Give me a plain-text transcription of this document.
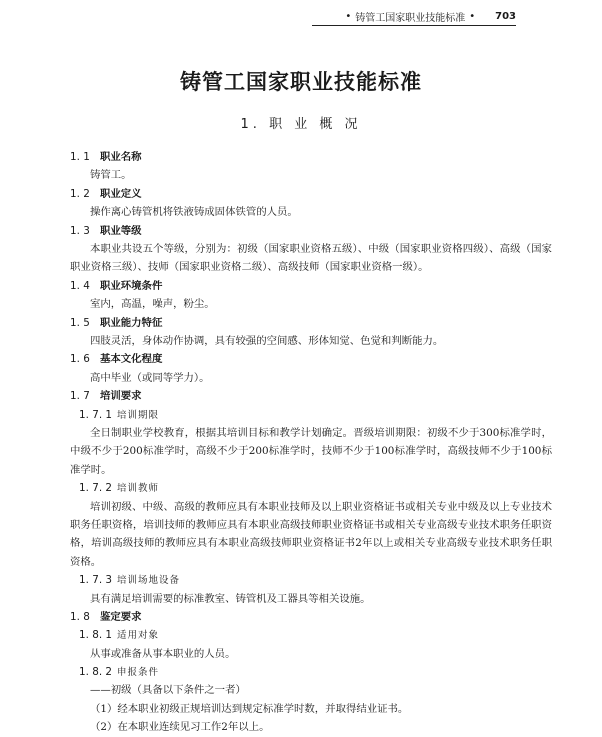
• 铸管工国家职业技能标准 • 703
铸管工国家职业技能标准
1. 职 业 概 况
1. 1 职业名称
铸管工。
1. 2 职业定义
操作离心铸管机将铁液铸成固体铁管的人员。
1. 3 职业等级
本职业共设五个等级，分别为：初级（国家职业资格五级）、中级（国家职业资格四级）、高级（国家职业资格三级）、技师（国家职业资格二级）、高级技师（国家职业资格一级）。
1. 4 职业环境条件
室内，高温，噪声，粉尘。
1. 5 职业能力特征
四肢灵活，身体动作协调，具有较强的空间感、形体知觉、色觉和判断能力。
1. 6 基本文化程度
高中毕业（或同等学力）。
1. 7 培训要求
1. 7. 1 培训期限
全日制职业学校教育，根据其培训目标和教学计划确定。晋级培训期限：初级不少于300标准学时，中级不少于200标准学时，高级不少于200标准学时，技师不少于100标准学时，高级技师不少于100标准学时。
1. 7. 2 培训教师
培训初级、中级、高级的教师应具有本职业技师及以上职业资格证书或相关专业中级及以上专业技术职务任职资格，培训技师的教师应具有本职业高级技师职业资格证书或相关专业高级专业技术职务任职资格，培训高级技师的教师应具有本职业高级技师职业资格证书2年以上或相关专业高级专业技术职务任职资格。
1. 7. 3 培训场地设备
具有满足培训需要的标准教室、铸管机及工器具等相关设施。
1. 8 鉴定要求
1. 8. 1 适用对象
从事或准备从事本职业的人员。
1. 8. 2 申报条件
——初级（具备以下条件之一者）
（1）经本职业初级正规培训达到规定标准学时数，并取得结业证书。
（2）在本职业连续见习工作2年以上。
